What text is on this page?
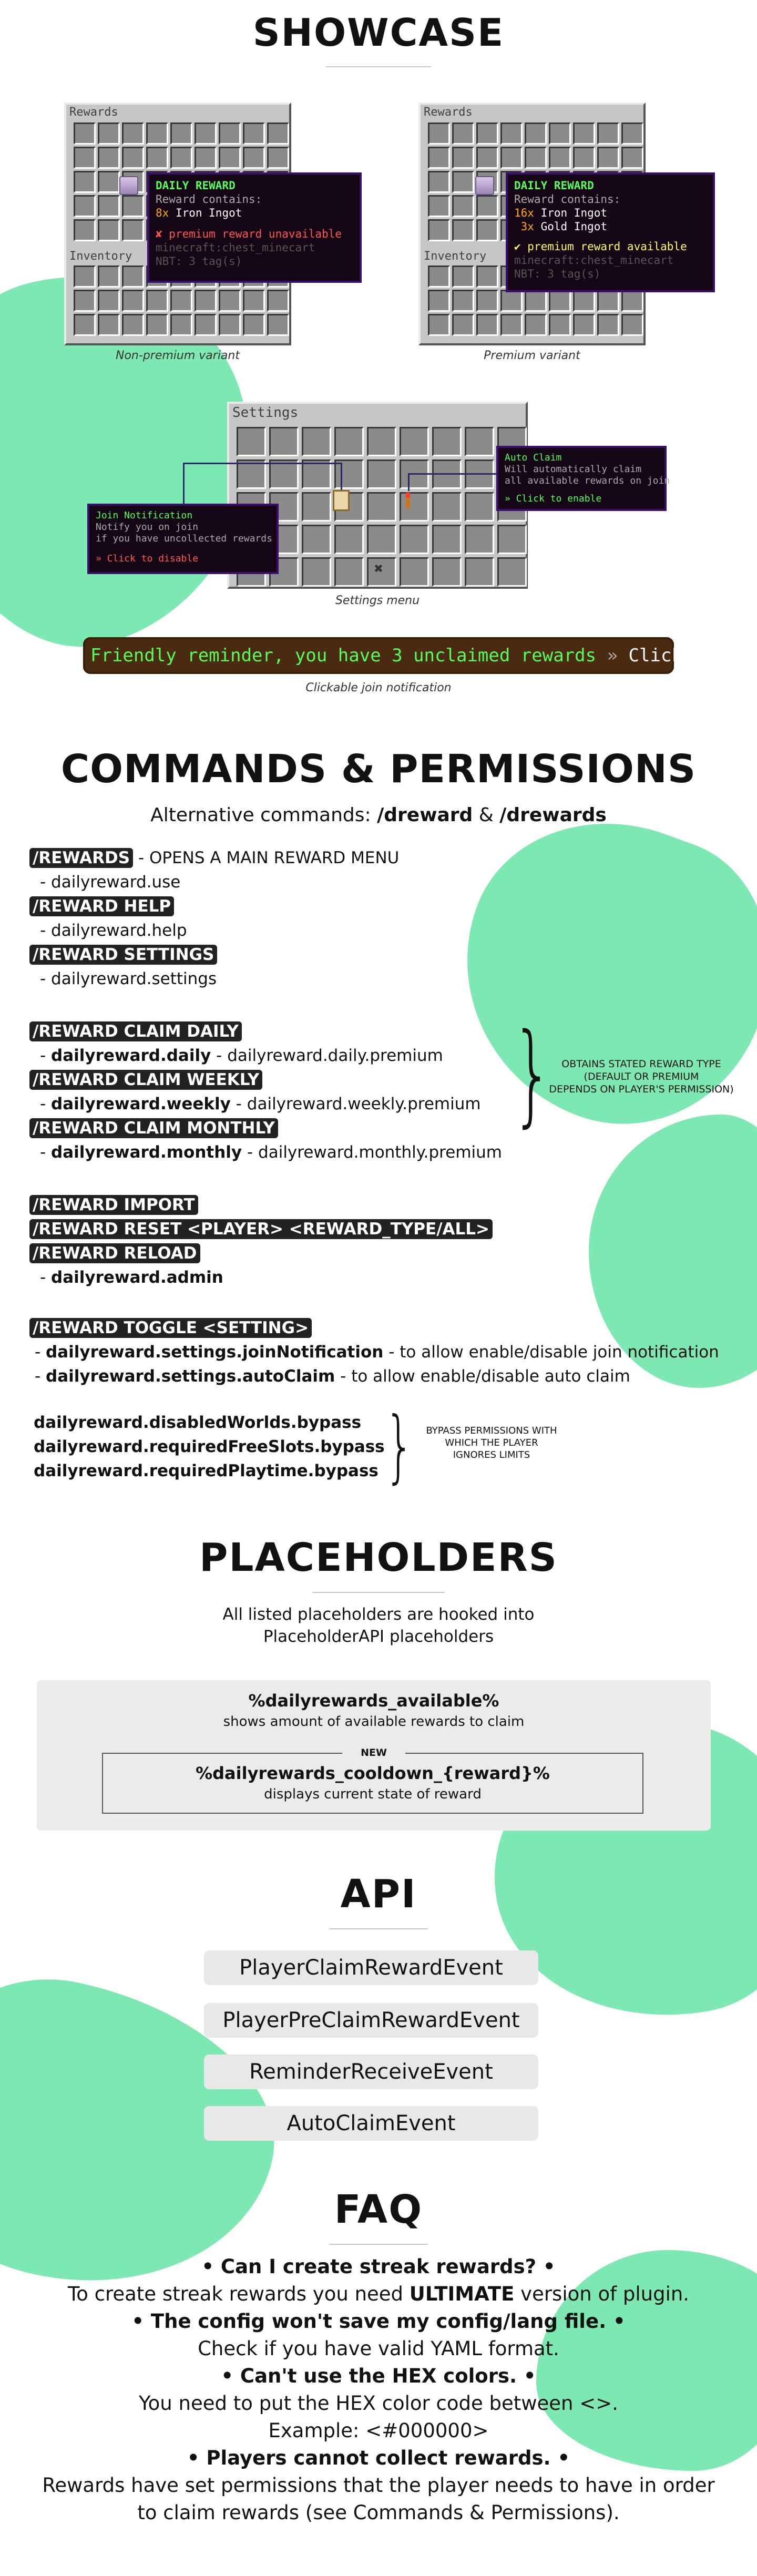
SHOWCASE
Rewards
Inventory
DAILY REWARD
Reward contains:
8x Iron Ingot
✘ premium reward unavailable
minecraft:chest_minecart
NBT: 3 tag(s)
Non-premium variant
Rewards
Inventory
DAILY REWARD
Reward contains:
16x Iron Ingot
3x Gold Ingot
✔ premium reward available
minecraft:chest_minecart
NBT: 3 tag(s)
Premium variant
Settings
✖
Join Notification
Notify you on join
if you have uncollected rewards
» Click to disable
Auto Claim
Will automatically claim
all available rewards on join
» Click to enable
Settings menu
Friendly reminder, you have 3 unclaimed rewards » Click
Clickable join notification
COMMANDS & PERMISSIONS
Alternative commands: /dreward & /drewards
/REWARDS - OPENS A MAIN REWARD MENU
- dailyreward.use
/REWARD HELP
- dailyreward.help
/REWARD SETTINGS
- dailyreward.settings
/REWARD CLAIM DAILY
- dailyreward.daily - dailyreward.daily.premium
/REWARD CLAIM WEEKLY
- dailyreward.weekly - dailyreward.weekly.premium
/REWARD CLAIM MONTHLY
- dailyreward.monthly - dailyreward.monthly.premium
} OBTAINS STATED REWARD TYPE
(DEFAULT OR PREMIUM
DEPENDS ON PLAYER'S PERMISSION)
/REWARD IMPORT
/REWARD RESET <PLAYER> <REWARD_TYPE/ALL>
/REWARD RELOAD
- dailyreward.admin
/REWARD TOGGLE <SETTING>
- dailyreward.settings.joinNotification - to allow enable/disable join notification
- dailyreward.settings.autoClaim - to allow enable/disable auto claim
dailyreward.disabledWorlds.bypass
dailyreward.requiredFreeSlots.bypass
dailyreward.requiredPlaytime.bypass }	BYPASS PERMISSIONS WITH
WHICH THE PLAYER
IGNORES LIMITS
PLACEHOLDERS
All listed placeholders are hooked into
PlaceholderAPI placeholders
%dailyrewards_available%
shows amount of available rewards to claim
NEW
%dailyrewards_cooldown_{reward}%
displays current state of reward
API
PlayerClaimRewardEvent
PlayerPreClaimRewardEvent
ReminderReceiveEvent
AutoClaimEvent
FAQ
• Can I create streak rewards? •
To create streak rewards you need ULTIMATE version of plugin.
• The config won't save my config/lang file. •
Check if you have valid YAML format.
• Can't use the HEX colors. •
You need to put the HEX color code between <>.
Example: <#000000>
• Players cannot collect rewards. •
Rewards have set permissions that the player needs to have in order
to claim rewards (see Commands & Permissions).
